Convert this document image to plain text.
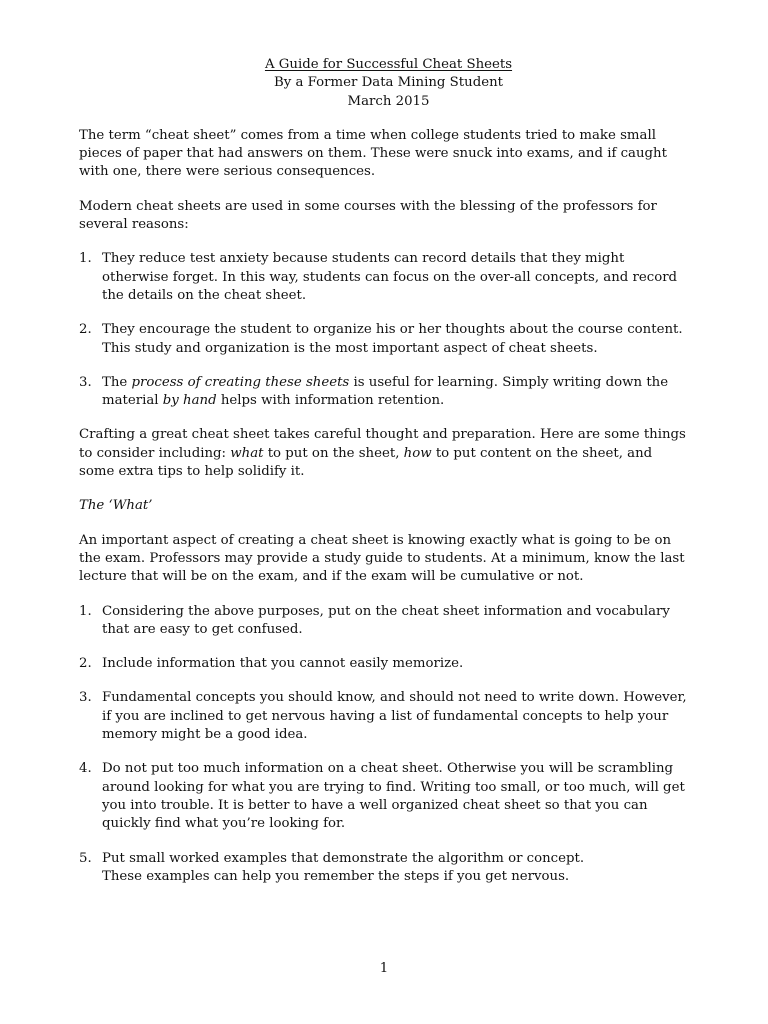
A Guide for Successful Cheat Sheets
By a Former Data Mining Student
March 2015

The term “cheat sheet” comes from a time when college students tried to make small pieces of paper that had answers on them. These were snuck into exams, and if caught with one, there were serious consequences.

Modern cheat sheets are used in some courses with the blessing of the professors for several reasons:

1. They reduce test anxiety because students can record details that they might otherwise forget. In this way, students can focus on the over-all concepts, and record the details on the cheat sheet.
2. They encourage the student to organize his or her thoughts about the course content. This study and organization is the most important aspect of cheat sheets.
3. The process of creating these sheets is useful for learning. Simply writing down the material by hand helps with information retention.

Crafting a great cheat sheet takes careful thought and preparation. Here are some things to consider including: what to put on the sheet, how to put content on the sheet, and some extra tips to help solidify it.

The ‘What’

An important aspect of creating a cheat sheet is knowing exactly what is going to be on the exam. Professors may provide a study guide to students. At a minimum, know the last lecture that will be on the exam, and if the exam will be cumulative or not.

1. Considering the above purposes, put on the cheat sheet information and vocabulary that are easy to get confused.
2. Include information that you cannot easily memorize.
3. Fundamental concepts you should know, and should not need to write down. However, if you are inclined to get nervous having a list of fundamental concepts to help your memory might be a good idea.
4. Do not put too much information on a cheat sheet. Otherwise you will be scrambling around looking for what you are trying to find. Writing too small, or too much, will get you into trouble. It is better to have a well organized cheat sheet so that you can quickly find what you’re looking for.
5. Put small worked examples that demonstrate the algorithm or concept.
These examples can help you remember the steps if you get nervous.
1
